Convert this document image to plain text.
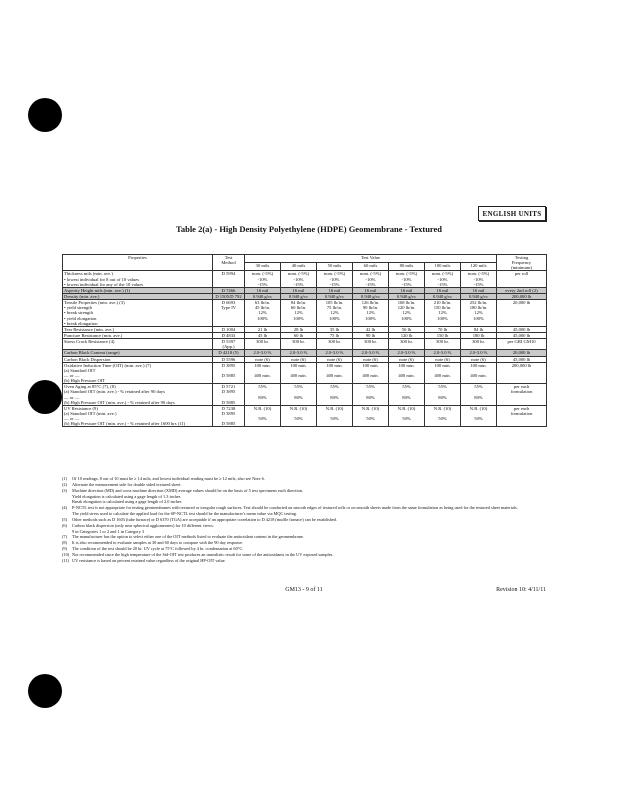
ENGLISH UNITS
Table 2(a) - High Density Polyethylene (HDPE) Geomembrane - Textured
Properties	Test
Method	Test Value							Testing
Frequency
(minimum)
		30 mils	40 mils	50 mils	60 mils	80 mils	100 mils	120 mils	
Thickness mils (min. ave.)
• lowest individual for 8 out of 10 values
• lowest individual for any of the 10 values	D 5994	nom. (-5%)
-10%
-15%	nom. (-5%)
-10%
-15%	nom. (-5%)
-10%
-15%	nom. (-5%)
-10%
-15%	nom. (-5%)
-10%
-15%	nom. (-5%)
-10%
-15%	nom. (-5%)
-10%
-15%	per roll
Asperity Height mils (min. ave.) (1)	D 7466	16 mil	16 mil	16 mil	16 mil	16 mil	16 mil	16 mil	every 2nd roll (2)
Density (min. ave.)	D 1505/D 792	0.940 g/cc	0.940 g/cc	0.940 g/cc	0.940 g/cc	0.940 g/cc	0.940 g/cc	0.940 g/cc	200,000 lb
Tensile Properties (min. ave.) (3)
• yield strength
• break strength
• yield elongation
• break elongation	D 6693
Type IV	63 lb/in.
45 lb/in.
12%
100%	84 lb/in.
60 lb/in.
12%
100%	105 lb/in.
75 lb/in.
12%
100%	126 lb/in.
90 lb/in.
12%
100%	168 lb/in.
120 lb/in.
12%
100%	210 lb/in.
150 lb/in.
12%
100%	252 lb/in.
180 lb/in.
12%
100%	20,000 lb
Tear Resistance (min. ave.)	D 1004	21 lb	28 lb	35 lb	42 lb	56 lb	70 lb	84 lb	45,000 lb
Puncture Resistance (min. ave.)	D 4833	45 lb	60 lb	75 lb	90 lb	120 lb	150 lb	180 lb	45,000 lb
Stress Crack Resistance (4)	D 5397
(App.)	300 hr.	300 hr.	300 hr.	300 hr.	300 hr.	300 hr.	300 hr.	per GRI GM10
Carbon Black Content (range)	D 4218 (5)	2.0-3.0 %	2.0-3.0 %	2.0-3.0 %	2.0-3.0 %	2.0-3.0 %	2.0-3.0 %	2.0-3.0 %	20,000 lb
Carbon Black Dispersion	D 5596	note (6)	note (6)	note (6)	note (6)	note (6)	note (6)	note (6)	45,000 lb
Oxidative Induction Time (OIT) (min. ave.) (7)
(a) Standard OIT
— or —
(b) High Pressure OIT	D 3895

D 5885	100 min.

400 min.	100 min.

400 min.	100 min.

400 min.	100 min.

400 min.	100 min.

400 min.	100 min.

400 min.	100 min.

400 min.	200,000 lb
Oven Aging at 85°C (7), (8)
(a) Standard OIT (min. ave.) - % retained after 90 days
— or —
(b) High Pressure OIT (min. ave.) - % retained after 90 days	D 5721
D 3895

D 5885	55%

80%	55%

80%	55%

80%	55%

80%	55%

80%	55%

80%	55%

80%	per each
formulation
UV Resistance (9)
(a) Standard OIT (min. ave.)
— or —
(b) High Pressure OIT (min. ave.) - % retained after 1600 hrs (11)	D 7238
D 3895

D 5885	N.R. (10)

50%	N.R. (10)

50%	N.R. (10)

50%	N.R. (10)

50%	N.R. (10)

50%	N.R. (10)

50%	N.R. (10)

50%	per each
formulation
(1)	Of 10 readings; 8 out of 10 must be ≥ 14 mils, and lowest individual reading must be ≥ 12 mils; also see Note 6.
(2)	Alternate the measurement side for double sided textured sheet.
(3)	Machine direction (MD) and cross machine direction (XMD) average values should be on the basis of 5 test specimens each direction.
Yield elongation is calculated using a gage length of 1.3 inches
Break elongation is calculated using a gage length of 2.0 inches
(4)	P-NCTL test is not appropriate for testing geomembranes with textured or irregular rough surfaces. Test should be conducted on smooth edges of textured rolls or on smooth sheets made from the same formulation as being used for the textured sheet materials.
The yield stress used to calculate the applied load for the SP-NCTL test should be the manufacturer's mean value via MQC testing.
(5)	Other methods such as D 1603 (tube furnace) or D 6370 (TGA) are acceptable if an appropriate correlation to D 4218 (muffle furnace) can be established.
(6)	Carbon black dispersion (only near spherical agglomerates) for 10 different views:
9 in Categories 1 or 2 and 1 in Category 3
(7)	The manufacturer has the option to select either one of the OIT methods listed to evaluate the antioxidant content in the geomembrane.
(8)	It is also recommended to evaluate samples at 30 and 60 days to compare with the 90 day response.
(9)	The condition of the test should be 20 hr. UV cycle at 75°C followed by 4 hr. condensation at 60°C.
(10) Not recommended since the high temperature of the Std-OIT test produces an unrealistic result for some of the antioxidants in the UV exposed samples.
(11) UV resistance is based on percent retained value regardless of the original HP-OIT value.
GM13 - 9 of 11	Revision 10: 4/11/11
